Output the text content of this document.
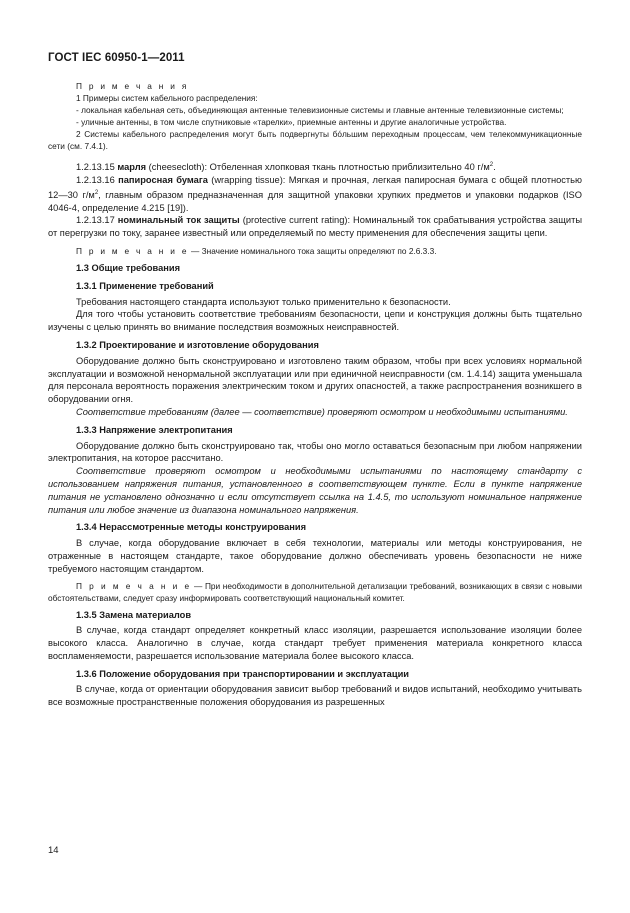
ГОСТ IEC 60950-1—2011

П р и м е ч а н и я

1 Примеры систем кабельного распределения:

- локальная кабельная сеть, объединяющая антенные телевизионные системы и главные антенные телевизионные системы;

- уличные антенны, в том числе спутниковые «тарелки», приемные антенны и другие аналогичные устройства.

2 Системы кабельного распределения могут быть подвергнуты бо́льшим переходным процессам, чем телекоммуникационные сети (см. 7.4.1).

1.2.13.15 марля (cheesecloth): Отбеленная хлопковая ткань плотностью приблизительно 40 $г/м^2$.

1.2.13.16 папиросная бумага (wrapping tissue): Мягкая и прочная, легкая папиросная бумага с общей плотностью 12—30 $г/м^2$, главным образом предназначенная для защитной упаковки хрупких предметов и упаковки подарков (ISO 4046-4, определение 4.215 [19]).

1.2.13.17 номинальный ток защиты (protective current rating): Номинальный ток срабатывания устройства защиты от перегрузки по току, заранее известный или определяемый по месту применения для обеспечения защиты цепи.

П р и м е ч а н и е — Значение номинального тока защиты определяют по 2.6.3.3.

1.3 Общие требования

1.3.1 Применение требований

Требования настоящего стандарта используют только применительно к безопасности.

Для того чтобы установить соответствие требованиям безопасности, цепи и конструкция должны быть тщательно изучены с целью принять во внимание последствия возможных неисправностей.

1.3.2 Проектирование и изготовление оборудования

Оборудование должно быть сконструировано и изготовлено таким образом, чтобы при всех условиях нормальной эксплуатации и возможной ненормальной эксплуатации или при единичной неисправности (см. 1.4.14) защита уменьшала для персонала вероятность поражения электрическим током и других опасностей, а также распространения возникшего в оборудовании огня.

Соответствие требованиям (далее — соответствие) проверяют осмотром и необходимыми испытаниями.

1.3.3 Напряжение электропитания

Оборудование должно быть сконструировано так, чтобы оно могло оставаться безопасным при любом напряжении электропитания, на которое рассчитано.

Соответствие проверяют осмотром и необходимыми испытаниями по настоящему стандарту с использованием напряжения питания, установленного в соответствующем пункте. Если в пункте напряжение питания не установлено однозначно и если отсутствует ссылка на 1.4.5, то используют номинальное напряжение питания или любое значение из диапазона номинального напряжения.

1.3.4 Нерассмотренные методы конструирования

В случае, когда оборудование включает в себя технологии, материалы или методы конструирования, не отраженные в настоящем стандарте, такое оборудование должно обеспечивать уровень безопасности не ниже требуемого настоящим стандартом.

П р и м е ч а н и е — При необходимости в дополнительной детализации требований, возникающих в связи с новыми обстоятельствами, следует сразу информировать соответствующий национальный комитет.

1.3.5 Замена материалов

В случае, когда стандарт определяет конкретный класс изоляции, разрешается использование изоляции более высокого класса. Аналогично в случае, когда стандарт требует применения материала конкретного класса воспламеняемости, разрешается использование материала более высокого класса.

1.3.6 Положение оборудования при транспортировании и эксплуатации

В случае, когда от ориентации оборудования зависит выбор требований и видов испытаний, необходимо учитывать все возможные пространственные положения оборудования из разрешенных

14
